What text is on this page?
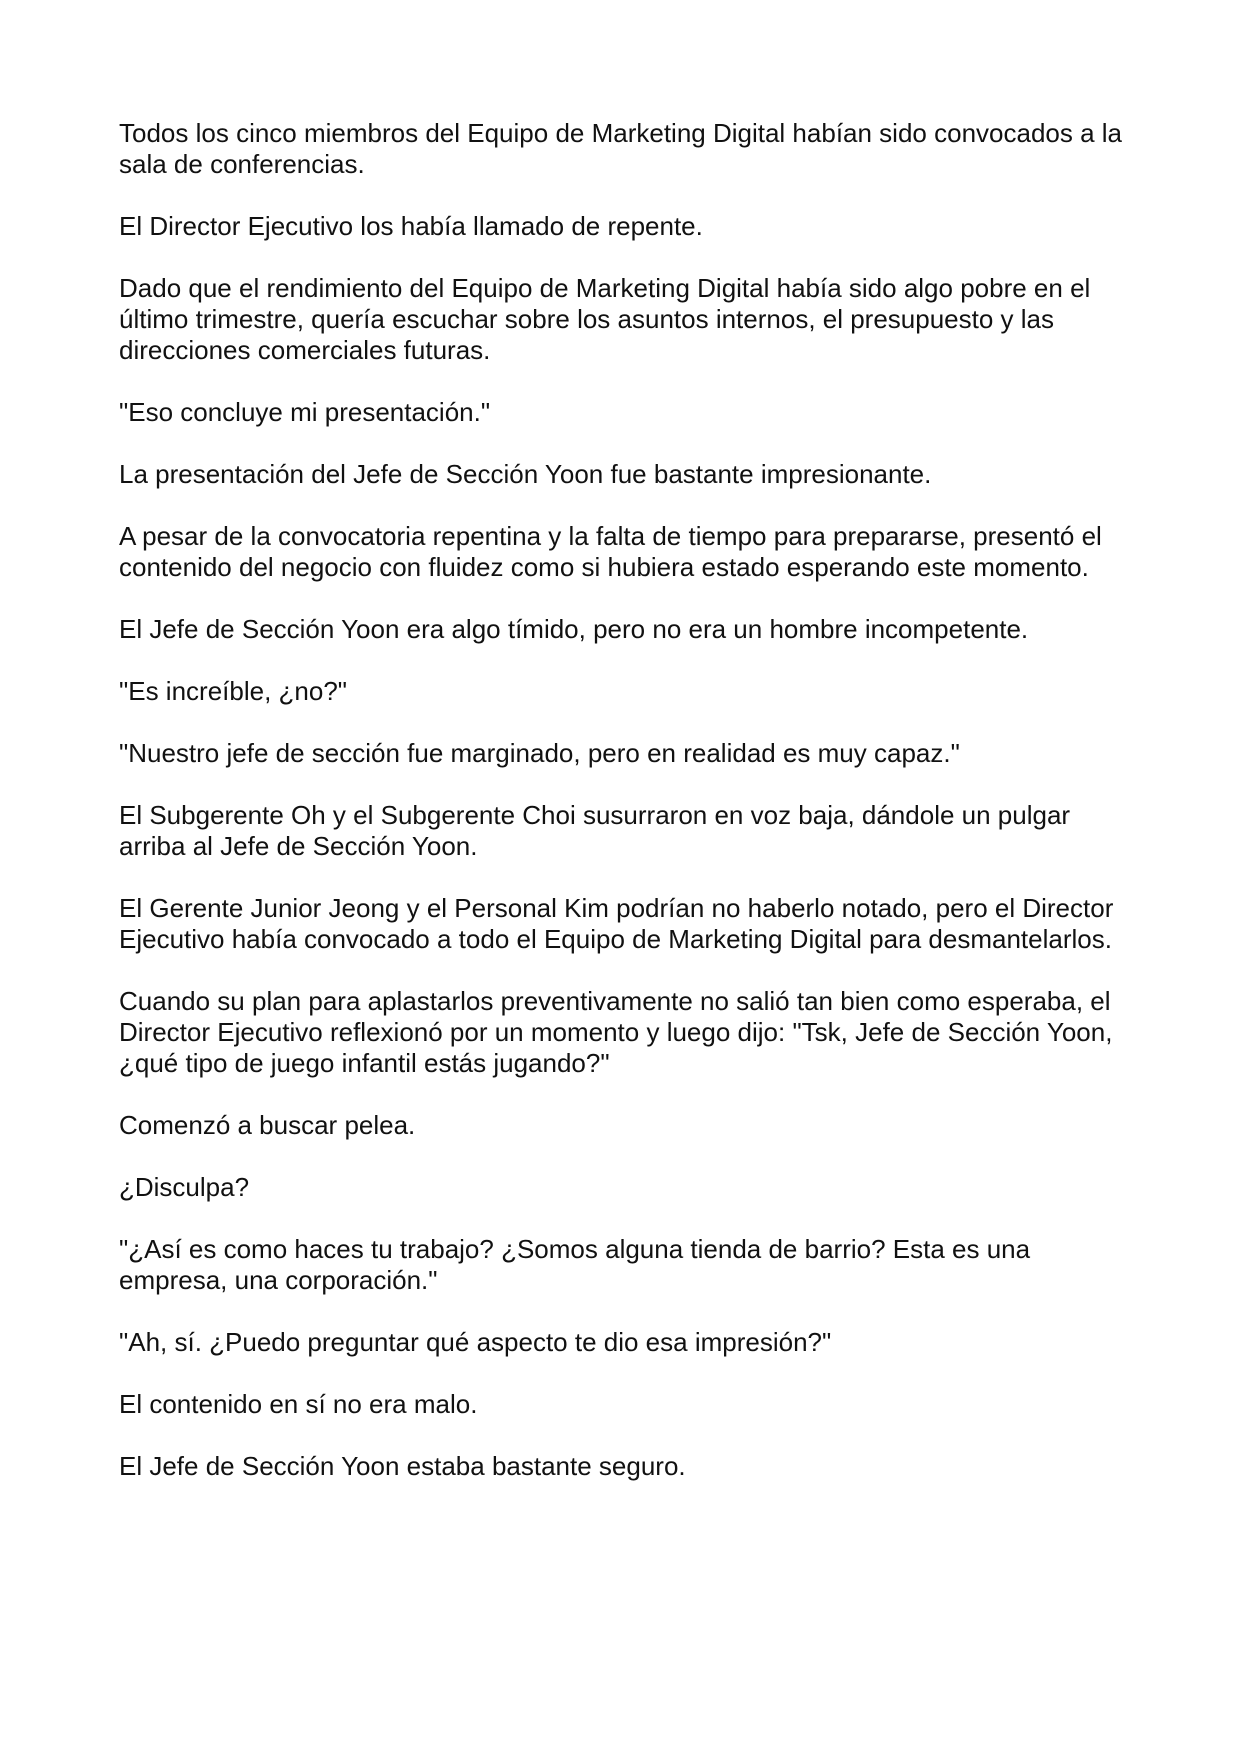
Todos los cinco miembros del Equipo de Marketing Digital habían sido convocados a la sala de conferencias.

El Director Ejecutivo los había llamado de repente.

Dado que el rendimiento del Equipo de Marketing Digital había sido algo pobre en el último trimestre, quería escuchar sobre los asuntos internos, el presupuesto y las direcciones comerciales futuras.

"Eso concluye mi presentación."

La presentación del Jefe de Sección Yoon fue bastante impresionante.

A pesar de la convocatoria repentina y la falta de tiempo para prepararse, presentó el contenido del negocio con fluidez como si hubiera estado esperando este momento.

El Jefe de Sección Yoon era algo tímido, pero no era un hombre incompetente.

"Es increíble, ¿no?"

"Nuestro jefe de sección fue marginado, pero en realidad es muy capaz."

El Subgerente Oh y el Subgerente Choi susurraron en voz baja, dándole un pulgar arriba al Jefe de Sección Yoon.

El Gerente Junior Jeong y el Personal Kim podrían no haberlo notado, pero el Director Ejecutivo había convocado a todo el Equipo de Marketing Digital para desmantelarlos.

Cuando su plan para aplastarlos preventivamente no salió tan bien como esperaba, el Director Ejecutivo reflexionó por un momento y luego dijo: "Tsk, Jefe de Sección Yoon, ¿qué tipo de juego infantil estás jugando?"

Comenzó a buscar pelea.

¿Disculpa?

"¿Así es como haces tu trabajo? ¿Somos alguna tienda de barrio? Esta es una empresa, una corporación."

"Ah, sí. ¿Puedo preguntar qué aspecto te dio esa impresión?"

El contenido en sí no era malo.

El Jefe de Sección Yoon estaba bastante seguro.
